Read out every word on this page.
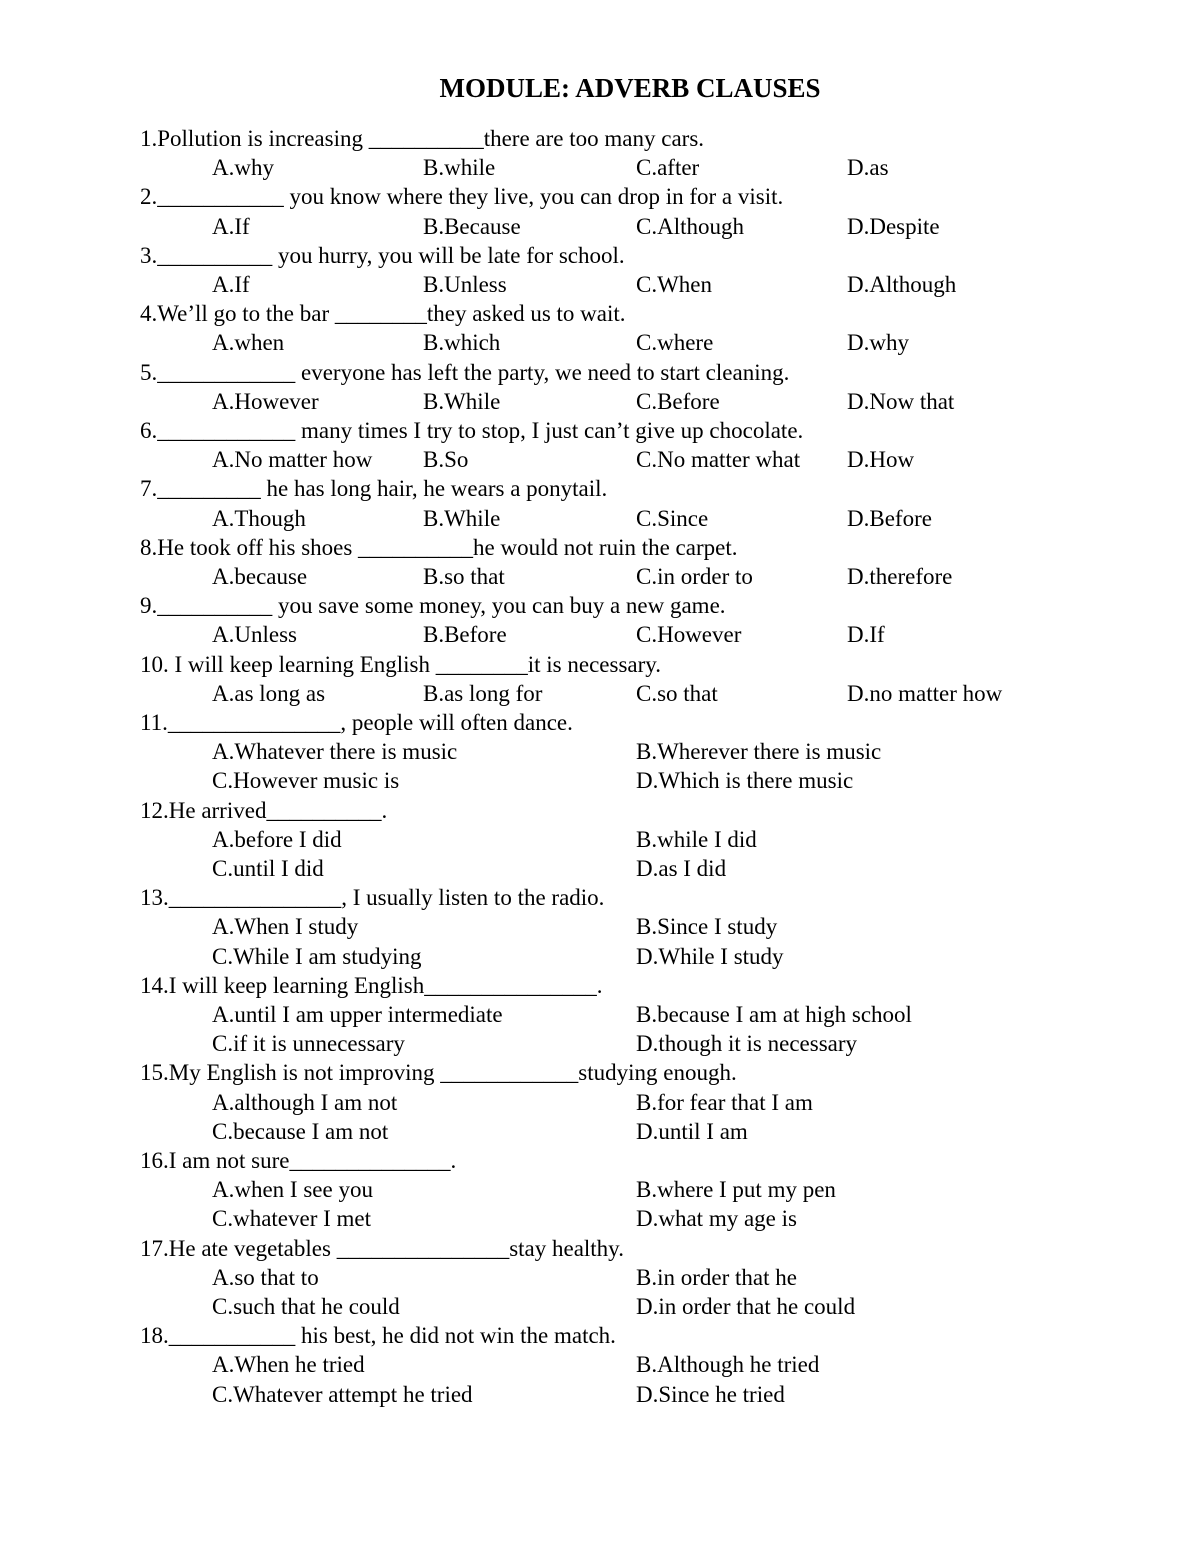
MODULE: ADVERB CLAUSES
1.Pollution is increasing __________there are too many cars.
A.why	B.while	C.after	D.as
2.___________ you know where they live, you can drop in for a visit.
A.If	B.Because	C.Although	D.Despite
3.__________ you hurry, you will be late for school.
A.If	B.Unless	C.When	D.Although
4.We’ll go to the bar ________they asked us to wait.
A.when	B.which	C.where	D.why
5.____________ everyone has left the party, we need to start cleaning.
A.However	B.While	C.Before	D.Now that
6.____________ many times I try to stop, I just can’t give up chocolate.
A.No matter how B.So	C.No matter what D.How
7._________ he has long hair, he wears a ponytail.
A.Though	B.While	C.Since	D.Before
8.He took off his shoes __________he would not ruin the carpet.
A.because	B.so that	C.in order to	D.therefore
9.__________ you save some money, you can buy a new game.
A.Unless	B.Before	C.However	D.If
10. I will keep learning English ________it is necessary.
A.as long as	B.as long for	C.so that	D.no matter how
11._______________, people will often dance.
A.Whatever there is music	B.Wherever there is music
C.However music is	D.Which is there music
12.He arrived__________.
A.before I did	B.while I did
C.until I did	D.as I did
13._______________, I usually listen to the radio.
A.When I study	B.Since I study
C.While I am studying	D.While I study
14.I will keep learning English_______________.
A.until I am upper intermediate	B.because I am at high school
C.if it is unnecessary	D.though it is necessary
15.My English is not improving ____________studying enough.
A.although I am not	B.for fear that I am
C.because I am not	D.until I am
16.I am not sure______________.
A.when I see you	B.where I put my pen
C.whatever I met	D.what my age is
17.He ate vegetables _______________stay healthy.
A.so that to	B.in order that he
C.such that he could	D.in order that he could
18.___________ his best, he did not win the match.
A.When he tried	B.Although he tried
C.Whatever attempt he tried	D.Since he tried
